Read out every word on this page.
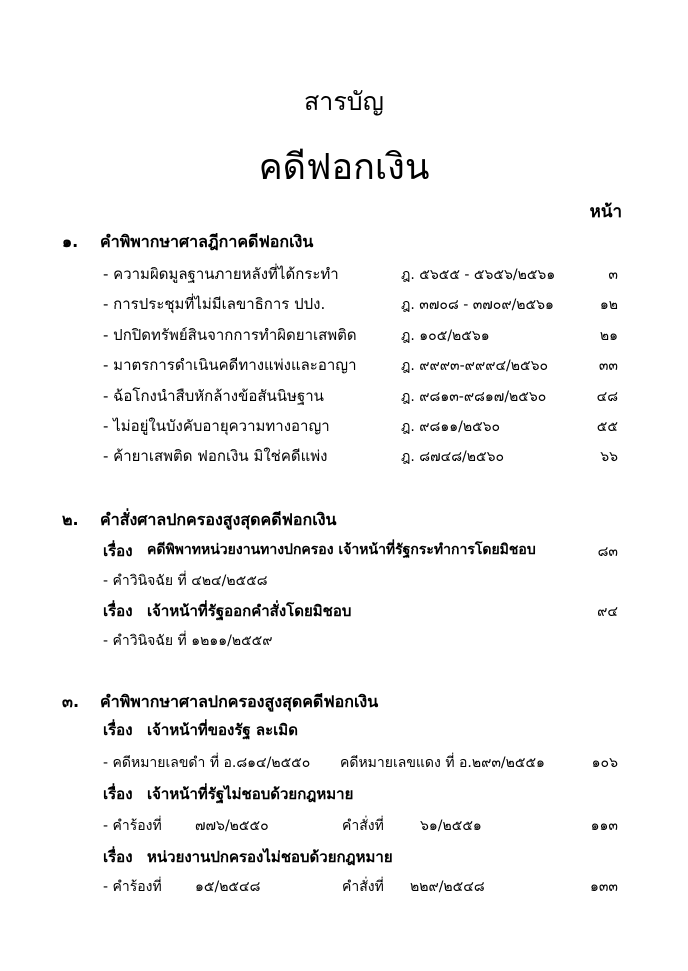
สารบัญ
คดีฟอกเงิน
หน้า
๑. คำพิพากษาศาลฎีกาคดีฟอกเงิน
- ความผิดมูลฐานภายหลังที่ได้กระทำ	ฎ. ๕๖๕๕ - ๕๖๕๖/๒๕๖๑	๓
- การประชุมที่ไม่มีเลขาธิการ ปปง.	ฎ. ๓๗๐๘ - ๓๗๐๙/๒๕๖๑	๑๒
- ปกปิดทรัพย์สินจากการทำผิดยาเสพติด	ฎ. ๑๐๕/๒๕๖๑	๒๑
- มาตรการดำเนินคดีทางแพ่งและอาญา	ฎ. ๙๙๙๓-๙๙๙๔/๒๕๖๐	๓๓
- ฉ้อโกงนำสืบหักล้างข้อสันนิษฐาน	ฎ. ๙๘๑๓-๙๘๑๗/๒๕๖๐	๔๘
- ไม่อยู่ในบังคับอายุความทางอาญา	ฎ. ๙๘๑๑/๒๕๖๐	๕๕
- ค้ายาเสพติด ฟอกเงิน มิใช่คดีแพ่ง	ฎ. ๘๗๔๘/๒๕๖๐	๖๖
๒. คำสั่งศาลปกครองสูงสุดคดีฟอกเงิน
เรื่อง คดีพิพาทหน่วยงานทางปกครอง เจ้าหน้าที่รัฐกระทำการโดยมิชอบ	๘๓
- คำวินิจฉัย ที่ ๔๒๔/๒๕๕๘
เรื่อง เจ้าหน้าที่รัฐออกคำสั่งโดยมิชอบ	๙๔
- คำวินิจฉัย ที่ ๑๒๑๑/๒๕๕๙
๓. คำพิพากษาศาลปกครองสูงสุดคดีฟอกเงิน
เรื่อง เจ้าหน้าที่ของรัฐ ละเมิด
- คดีหมายเลขดำ ที่ อ.๘๑๔/๒๕๕๐ คดีหมายเลขแดง ที่ อ.๒๙๓/๒๕๕๑	๑๐๖
เรื่อง เจ้าหน้าที่รัฐไม่ชอบด้วยกฎหมาย
- คำร้องที่ ๗๗๖/๒๕๕๐	คำสั่งที่	๖๑/๒๕๕๑	๑๑๓
เรื่อง หน่วยงานปกครองไม่ชอบด้วยกฎหมาย
- คำร้องที่ ๑๕/๒๕๔๘	คำสั่งที่ ๒๒๙/๒๕๔๘	๑๓๓
